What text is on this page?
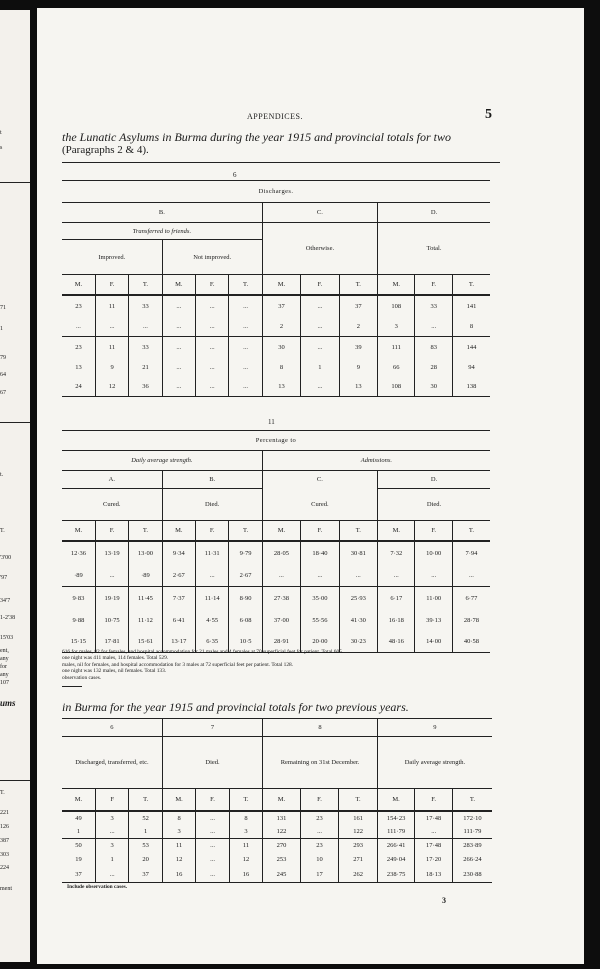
t
s
71
1
79
64
67
t.
T.
'3'00
'97
34'7
1-2'38
15'03
ent,
any
for
any
107
ums
T.
221
126
387
303
224
ment
APPENDICES.	5
the Lunatic Asylums in Burma during the year 1915 and provincial totals for two
(Paragraphs 2 & 4).
6
Discharges.											
B.						C.			D.		
Transferred to friends.						Otherwise.			Total.		
Improved.			Not improved.								
M.	F.	T.	M.	F.	T.	M.	F.	T.	M.	F.	T.
23	11	33	...	...	...	37	...	37	108	33	141
...	...	...	...	...	...	2	...	2	3	...	8
23	11	33	...	...	...	30	...	39	111	83	144
13	9	21	...	...	...	8	1	9	66	28	94
24	12	36	...	...	...	13	...	13	108	30	138
11
Percentage to											
Daily average strength.						Admissions.					
A.			B.			C.			D.		
Cured.			Died.			Cured.			Died.		
M.	F.	T.	M.	F.	T.	M.	F.	T.	M.	F.	T.
12·36	13·19	13·00	9·34	11·31	9·79	28·05	18·40	30·81	7·32	10·00	7·94
·89	...	·89	2·67	...	2·67	...	...	...	...	...	...
9·83	19·19	11·45	7·37	11·14	8·90	27·38	35·00	25·93	6·17	11·00	6·77
9·88	10·75	11·12	6·41	4·55	6·08	37·00	55·56	41·30	16·18	39·13	28·78
15·15	17·81	15·61	13·17	6·35	10·5	28·91	20·00	30·23	48·16	14·00	40·58
616 for males, 82 for females, and hospital accommodation for 21 males and 4 females at 70 superficial feet for patient. Total 605.
one night was 411 males, 114 females. Total 529.
males, nil for females, and hospital accommodation for 3 males at 72 superficial feet per patient. Total 128.
one night was 132 males, nil females. Total 133.
observation cases.
in Burma for the year 1915 and provincial totals for two previous years.
6			7			8			9		
Discharged, transferred, etc.			Died.			Remaining on 31st December.			Daily average strength.		
M.	F	T.	M.	F.	T.	M.	F.	T.	M.	F.	T.
49	3	52	8	...	8	131	23	161	154·23	17·48	172·10
1	...	1	3	...	3	122	...	122	111·79	...	111·79
50	3	53	11	...	11	270	23	293	266·41	17·48	283·89
19	1	20	12	...	12	253	10	271	249·04	17·20	266·24
37	...	37	16	...	16	245	17	262	238·75	18·13	230·88
Include observation cases.
3
